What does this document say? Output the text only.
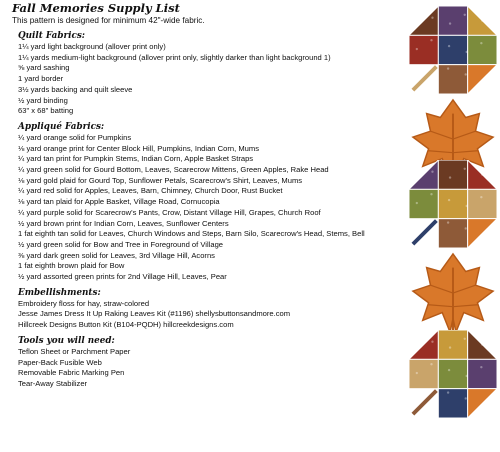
Fall Memories Supply List
This pattern is designed for minimum 42"-wide fabric.
Quilt Fabrics:
1¼ yard light background (allover print only)
1¼ yards medium-light background (allover print only, slightly darker than light background 1)
⅝ yard sashing
1 yard border
3½ yards backing and quilt sleeve
½ yard binding
63" x 68" batting
Appliqué Fabrics:
¼ yard orange solid for Pumpkins
⅛ yard orange print for Center Block Hill, Pumpkins, Indian Corn, Mums
¼ yard tan print for Pumpkin Stems, Indian Corn, Apple Basket Straps
¼ yard green solid for Gourd Bottom, Leaves, Scarecrow Mittens, Green Apples, Rake Head
⅛ yard gold plaid for Gourd Top, Sunflower Petals, Scarecrow's Shirt, Leaves, Mums
¼ yard red solid for Apples, Leaves, Barn, Chimney, Church Door, Rust Bucket
⅛ yard tan plaid for Apple Basket, Village Road, Cornucopia
¼ yard purple solid for Scarecrow's Pants, Crow, Distant Village Hill, Grapes, Church Roof
½ yard brown print for Indian Corn, Leaves, Sunflower Centers
1 fat eighth tan solid for Leaves, Church Windows and Steps, Barn Silo, Scarecrow's Head, Stems, Bell
½ yard green solid for Bow and Tree in Foreground of Village
⅜ yard dark green solid for Leaves, 3rd Village Hill, Acorns
1 fat eighth brown plaid for Bow
½ yard assorted green prints for 2nd Village Hill, Leaves, Pear
Embellishments:
Embroidery floss for hay, straw-colored
Jesse James Dress It Up Raking Leaves Kit (#1196) shellysbuttonsandmore.com
Hillcreek Designs Button Kit (B104-PQDH) hillcreekdesigns.com
Tools you will need:
Teflon Sheet or Parchment Paper
Paper-Back Fusible Web
Removable Fabric Marking Pen
Tear-Away Stabilizer
